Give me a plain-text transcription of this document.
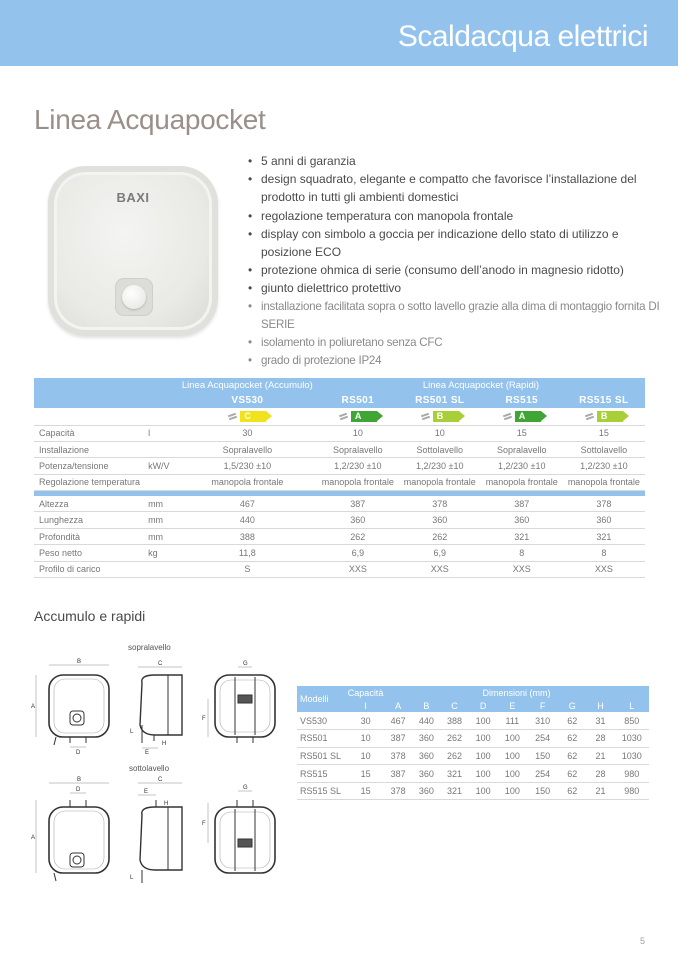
Scaldacqua elettrici
Linea Acquapocket
BAXI
• 5 anni di garanzia
• design squadrato, elegante e compatto che favorisce l’installazione del prodotto in tutti gli ambienti domestici
• regolazione temperatura con manopola frontale
• display con simbolo a goccia per indicazione dello stato di utilizzo e posizione ECO
• protezione ohmica di serie (consumo dell’anodo in magnesio ridotto)
• giunto dielettrico protettivo
• installazione facilitata sopra o sotto lavello grazie alla dima di montaggio fornita DI SERIE
• isolamento in poliuretano senza CFC
• grado di protezione IP24
		Linea Acquapocket (Accumulo)	Linea Acquapocket (Rapidi)			
		VS530	RS501	RS501 SL	RS515	RS515 SL

		C	A	B	A	B

Capacità	l	30	10	10	15	15
Installazione		Sopralavello	Sopralavello	Sottolavello	Sopralavello	Sottolavello
Potenza/tensione	kW/V	1,5/230 ±10	1,2/230 ±10	1,2/230 ±10	1,2/230 ±10	1,2/230 ±10
Regolazione temperatura		manopola frontale	manopola frontale	manopola frontale	manopola frontale	manopola frontale

Altezza	mm	467	387	378	387	378
Lunghezza	mm	440	360	360	360	360
Profondità	mm	388	262	262	321	321
Peso netto	kg	11,8	6,9	6,9	8	8
Profilo di carico		S	XXS	XXS	XXS	XXS
Accumulo e rapidi
sopralavello
sottolavello
B
A
D
C
E
L
H
G
F
B
A
D
C
E
H
L
G
F
Modelli	Capacità	Dimensioni (mm)								
	l	A	B	C	D	E	F	G	H	L
VS530	30	467	440	388	100	111	310	62	31	850
RS501	10	387	360	262	100	100	254	62	28	1030
RS501 SL	10	378	360	262	100	100	150	62	21	1030
RS515	15	387	360	321	100	100	254	62	28	980
RS515 SL	15	378	360	321	100	100	150	62	21	980
5
